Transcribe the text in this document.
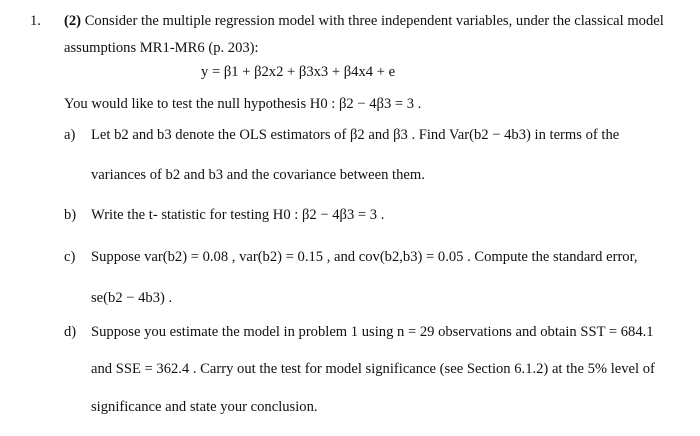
1. (2) Consider the multiple regression model with three independent variables, under the classical model
assumptions MR1-MR6 (p. 203):
y = β1 + β2x2 + β3x3 + β4x4 + e
You would like to test the null hypothesis H0 : β2 − 4β3 = 3 .
a) Let b2 and b3 denote the OLS estimators of β2 and β3 . Find Var(b2 − 4b3) in terms of the
variances of b2 and b3 and the covariance between them.
b) Write the t- statistic for testing H0 : β2 − 4β3 = 3 .
c) Suppose var(b2) = 0.08 , var(b2) = 0.15 , and cov(b2,b3) = 0.05 . Compute the standard error,
se(b2 − 4b3) .
d) Suppose you estimate the model in problem 1 using n = 29 observations and obtain SST = 684.1
and SSE = 362.4 . Carry out the test for model significance (see Section 6.1.2) at the 5% level of
significance and state your conclusion.
